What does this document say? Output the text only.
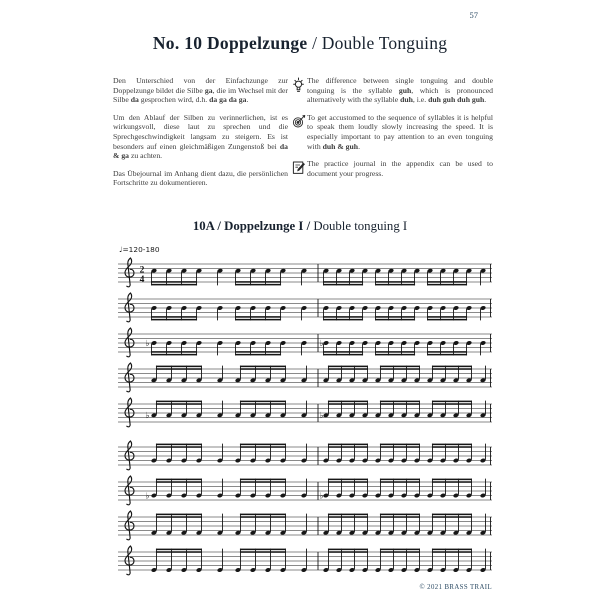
57
No. 10 Doppelzunge / Double Tonguing

Den Unterschied von der Einfachzunge zur Doppelzunge bildet die Silbe ga, die im Wechsel mit der Silbe da gesprochen wird, d.h. da ga da ga.

Um den Ablauf der Silben zu verinnerlichen, ist es wirkungsvoll, diese laut zu sprechen und die Sprechgeschwindigkeit langsam zu steigern. Es ist besonders auf einen gleichmäßigen Zungenstoß bei da & ga zu achten.

Das Übejournal im Anhang dient dazu, die persönlichen Fortschritte zu dokumentieren.

The difference between single tonguing and double tonguing is the syllable guh, which is pronounced alternatively with the syllable duh, i.e. duh guh duh guh.
To get accustomed to the sequence of syllables it is helpful to speak them loudly slowly increasing the speed. It is especially important to pay attention to an even tonguing with duh & guh.
The practice journal in the appendix can be used to document your progress.
10A / Doppelzunge I / Double tonguing I
♩=120-180
2
4
♭	♭
♭	♭
♭	♭
© 2021 BRASS TRAIL
